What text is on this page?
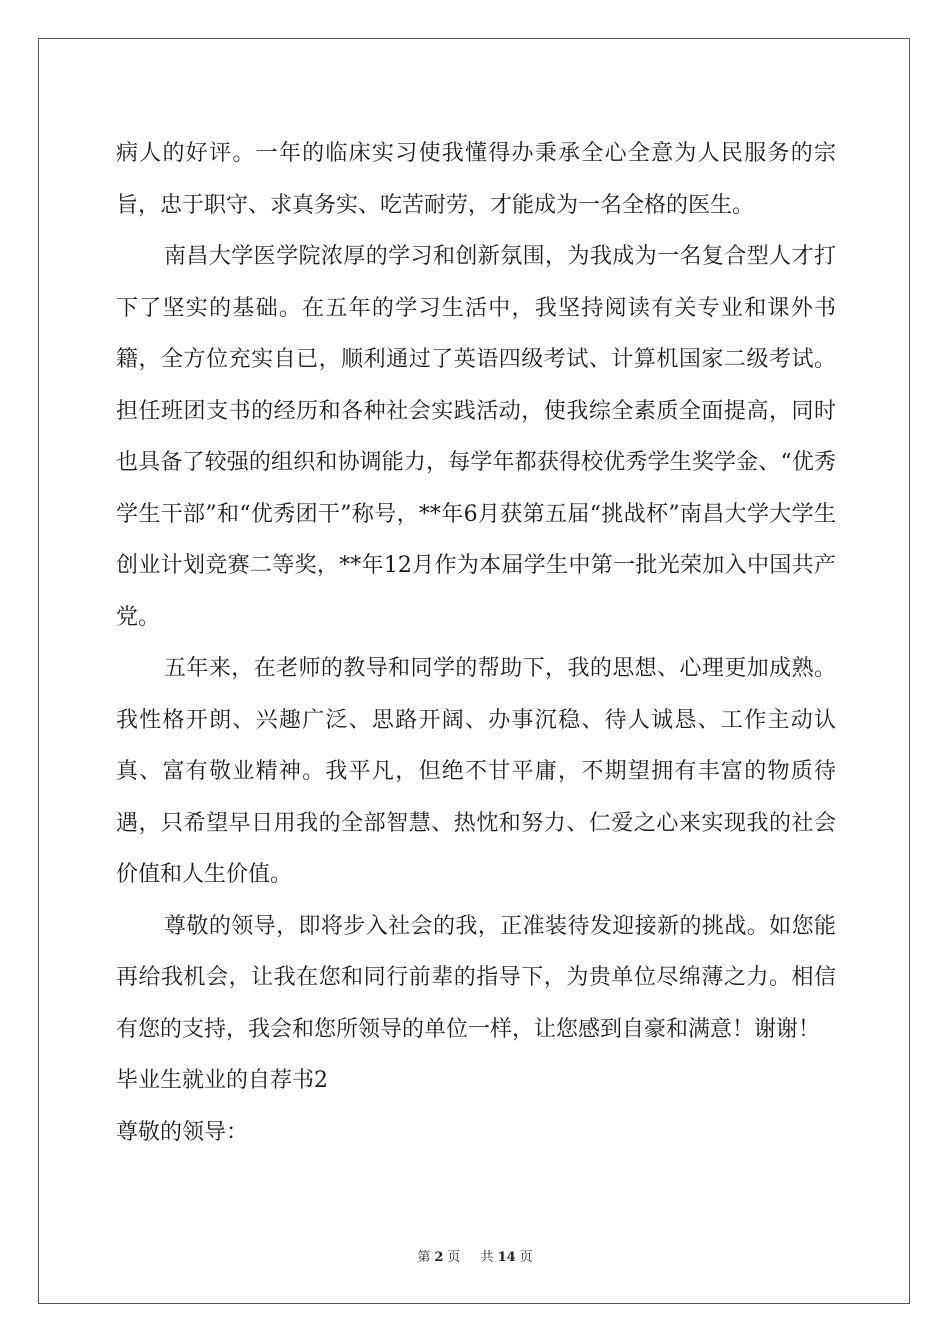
病人的好评。一年的临床实习使我懂得办秉承全心全意为人民服务的宗旨，忠于职守、求真务实、吃苦耐劳，才能成为一名全格的医生。

南昌大学医学院浓厚的学习和创新氛围，为我成为一名复合型人才打下了坚实的基础。在五年的学习生活中，我坚持阅读有关专业和课外书籍，全方位充实自已，顺利通过了英语四级考试、计算机国家二级考试。担任班团支书的经历和各种社会实践活动，使我综全素质全面提高，同时也具备了较强的组织和协调能力，每学年都获得校优秀学生奖学金、“优秀学生干部”和“优秀团干”称号，**年6月获第五届“挑战杯”南昌大学大学生创业计划竞赛二等奖，**年12月作为本届学生中第一批光荣加入中国共产党。

五年来，在老师的教导和同学的帮助下，我的思想、心理更加成熟。我性格开朗、兴趣广泛、思路开阔、办事沉稳、待人诚恳、工作主动认真、富有敬业精神。我平凡，但绝不甘平庸，不期望拥有丰富的物质待遇，只希望早日用我的全部智慧、热忱和努力、仁爱之心来实现我的社会价值和人生价值。

尊敬的领导，即将步入社会的我，正准装待发迎接新的挑战。如您能再给我机会，让我在您和同行前辈的指导下，为贵单位尽绵薄之力。相信有您的支持，我会和您所领导的单位一样，让您感到自豪和满意！谢谢！

毕业生就业的自荐书2

尊敬的领导：

第 2 页 共 14 页
